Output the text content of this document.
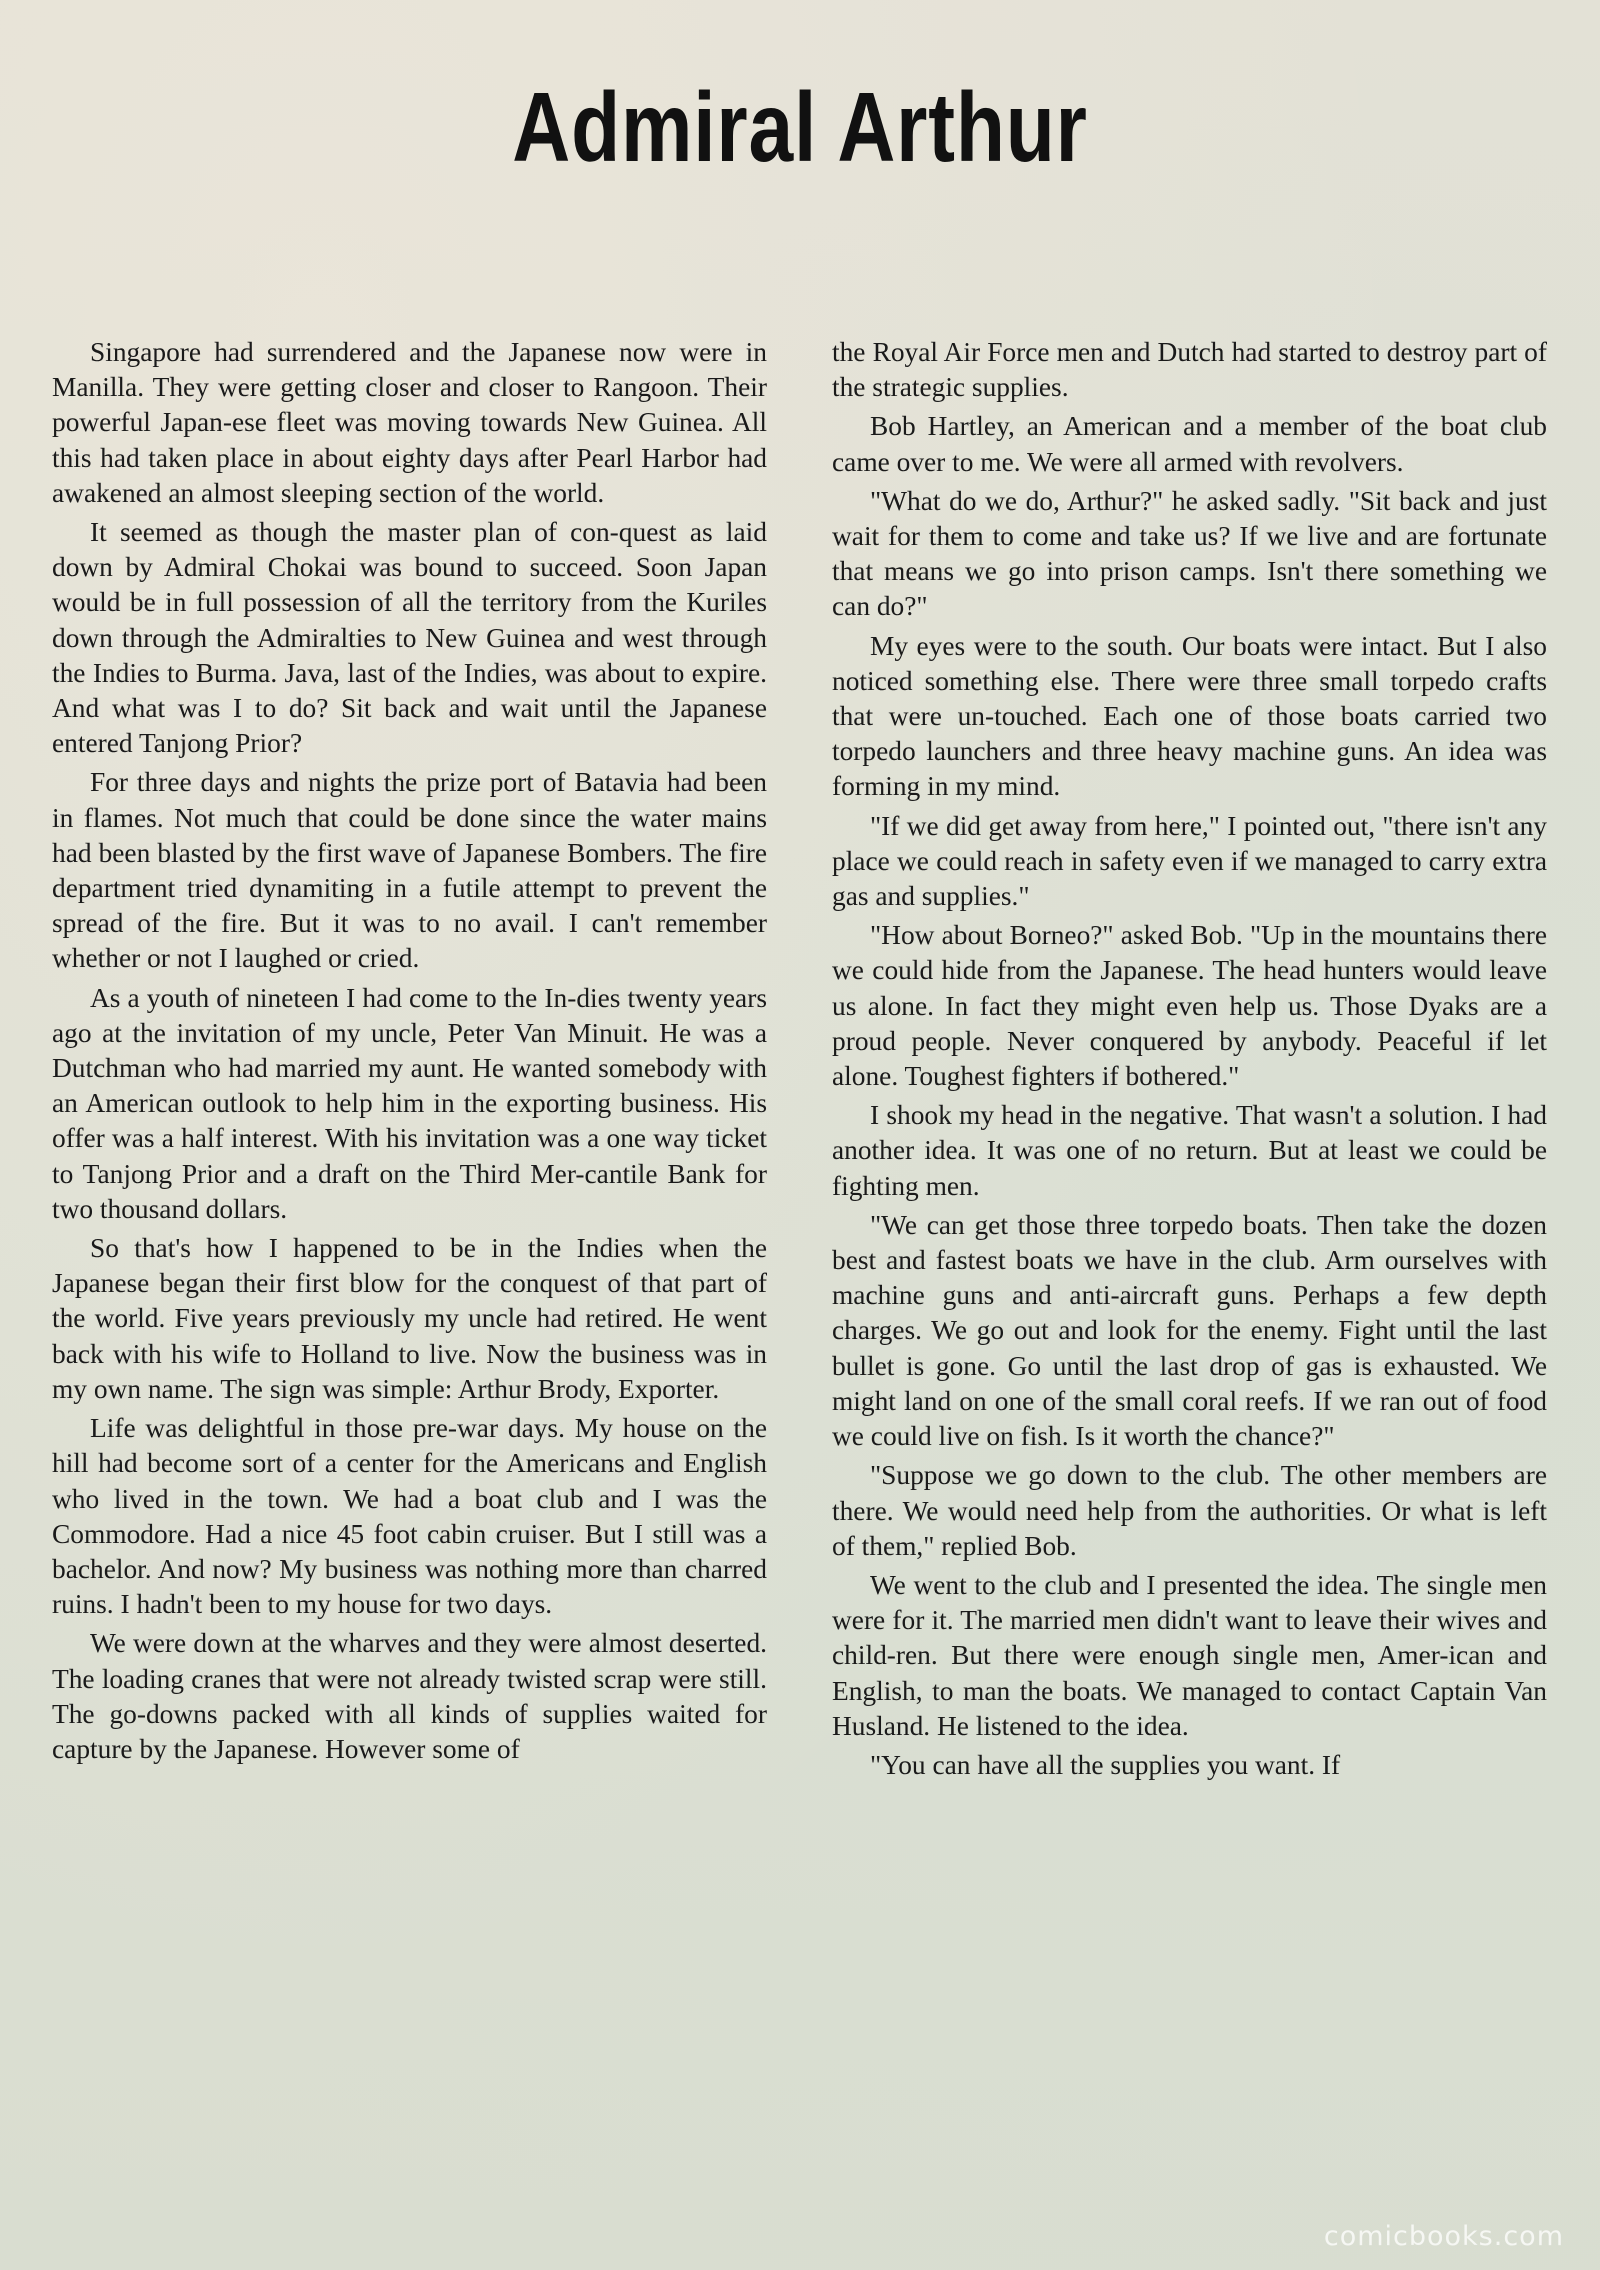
Admiral Arthur

Singapore had surrendered and the Japanese now were in Manilla. They were getting closer and closer to Rangoon. Their powerful Japan-ese fleet was moving towards New Guinea. All this had taken place in about eighty days after Pearl Harbor had awakened an almost sleeping section of the world.

It seemed as though the master plan of con-quest as laid down by Admiral Chokai was bound to succeed. Soon Japan would be in full possession of all the territory from the Kuriles down through the Admiralties to New Guinea and west through the Indies to Burma. Java, last of the Indies, was about to expire. And what was I to do? Sit back and wait until the Japanese entered Tanjong Prior?

For three days and nights the prize port of Batavia had been in flames. Not much that could be done since the water mains had been blasted by the first wave of Japanese Bombers. The fire department tried dynamiting in a futile attempt to prevent the spread of the fire. But it was to no avail. I can't remember whether or not I laughed or cried.

As a youth of nineteen I had come to the In-dies twenty years ago at the invitation of my uncle, Peter Van Minuit. He was a Dutchman who had married my aunt. He wanted somebody with an American outlook to help him in the exporting business. His offer was a half interest. With his invitation was a one way ticket to Tanjong Prior and a draft on the Third Mer-cantile Bank for two thousand dollars.

So that's how I happened to be in the Indies when the Japanese began their first blow for the conquest of that part of the world. Five years previously my uncle had retired. He went back with his wife to Holland to live. Now the business was in my own name. The sign was simple: Arthur Brody, Exporter.

Life was delightful in those pre-war days. My house on the hill had become sort of a center for the Americans and English who lived in the town. We had a boat club and I was the Commodore. Had a nice 45 foot cabin cruiser. But I still was a bachelor. And now? My business was nothing more than charred ruins. I hadn't been to my house for two days.

We were down at the wharves and they were almost deserted. The loading cranes that were not already twisted scrap were still. The go-downs packed with all kinds of supplies waited for capture by the Japanese. However some of

the Royal Air Force men and Dutch had started to destroy part of the strategic supplies.

Bob Hartley, an American and a member of the boat club came over to me. We were all armed with revolvers.

"What do we do, Arthur?" he asked sadly. "Sit back and just wait for them to come and take us? If we live and are fortunate that means we go into prison camps. Isn't there something we can do?"

My eyes were to the south. Our boats were intact. But I also noticed something else. There were three small torpedo crafts that were un-touched. Each one of those boats carried two torpedo launchers and three heavy machine guns. An idea was forming in my mind.

"If we did get away from here," I pointed out, "there isn't any place we could reach in safety even if we managed to carry extra gas and supplies."

"How about Borneo?" asked Bob. "Up in the mountains there we could hide from the Japanese. The head hunters would leave us alone. In fact they might even help us. Those Dyaks are a proud people. Never conquered by anybody. Peaceful if let alone. Toughest fighters if bothered."

I shook my head in the negative. That wasn't a solution. I had another idea. It was one of no return. But at least we could be fighting men.

"We can get those three torpedo boats. Then take the dozen best and fastest boats we have in the club. Arm ourselves with machine guns and anti-aircraft guns. Perhaps a few depth charges. We go out and look for the enemy. Fight until the last bullet is gone. Go until the last drop of gas is exhausted. We might land on one of the small coral reefs. If we ran out of food we could live on fish. Is it worth the chance?"

"Suppose we go down to the club. The other members are there. We would need help from the authorities. Or what is left of them," replied Bob.

We went to the club and I presented the idea. The single men were for it. The married men didn't want to leave their wives and child-ren. But there were enough single men, Amer-ican and English, to man the boats. We managed to contact Captain Van Husland. He listened to the idea.

"You can have all the supplies you want. If

comicbooks.com
